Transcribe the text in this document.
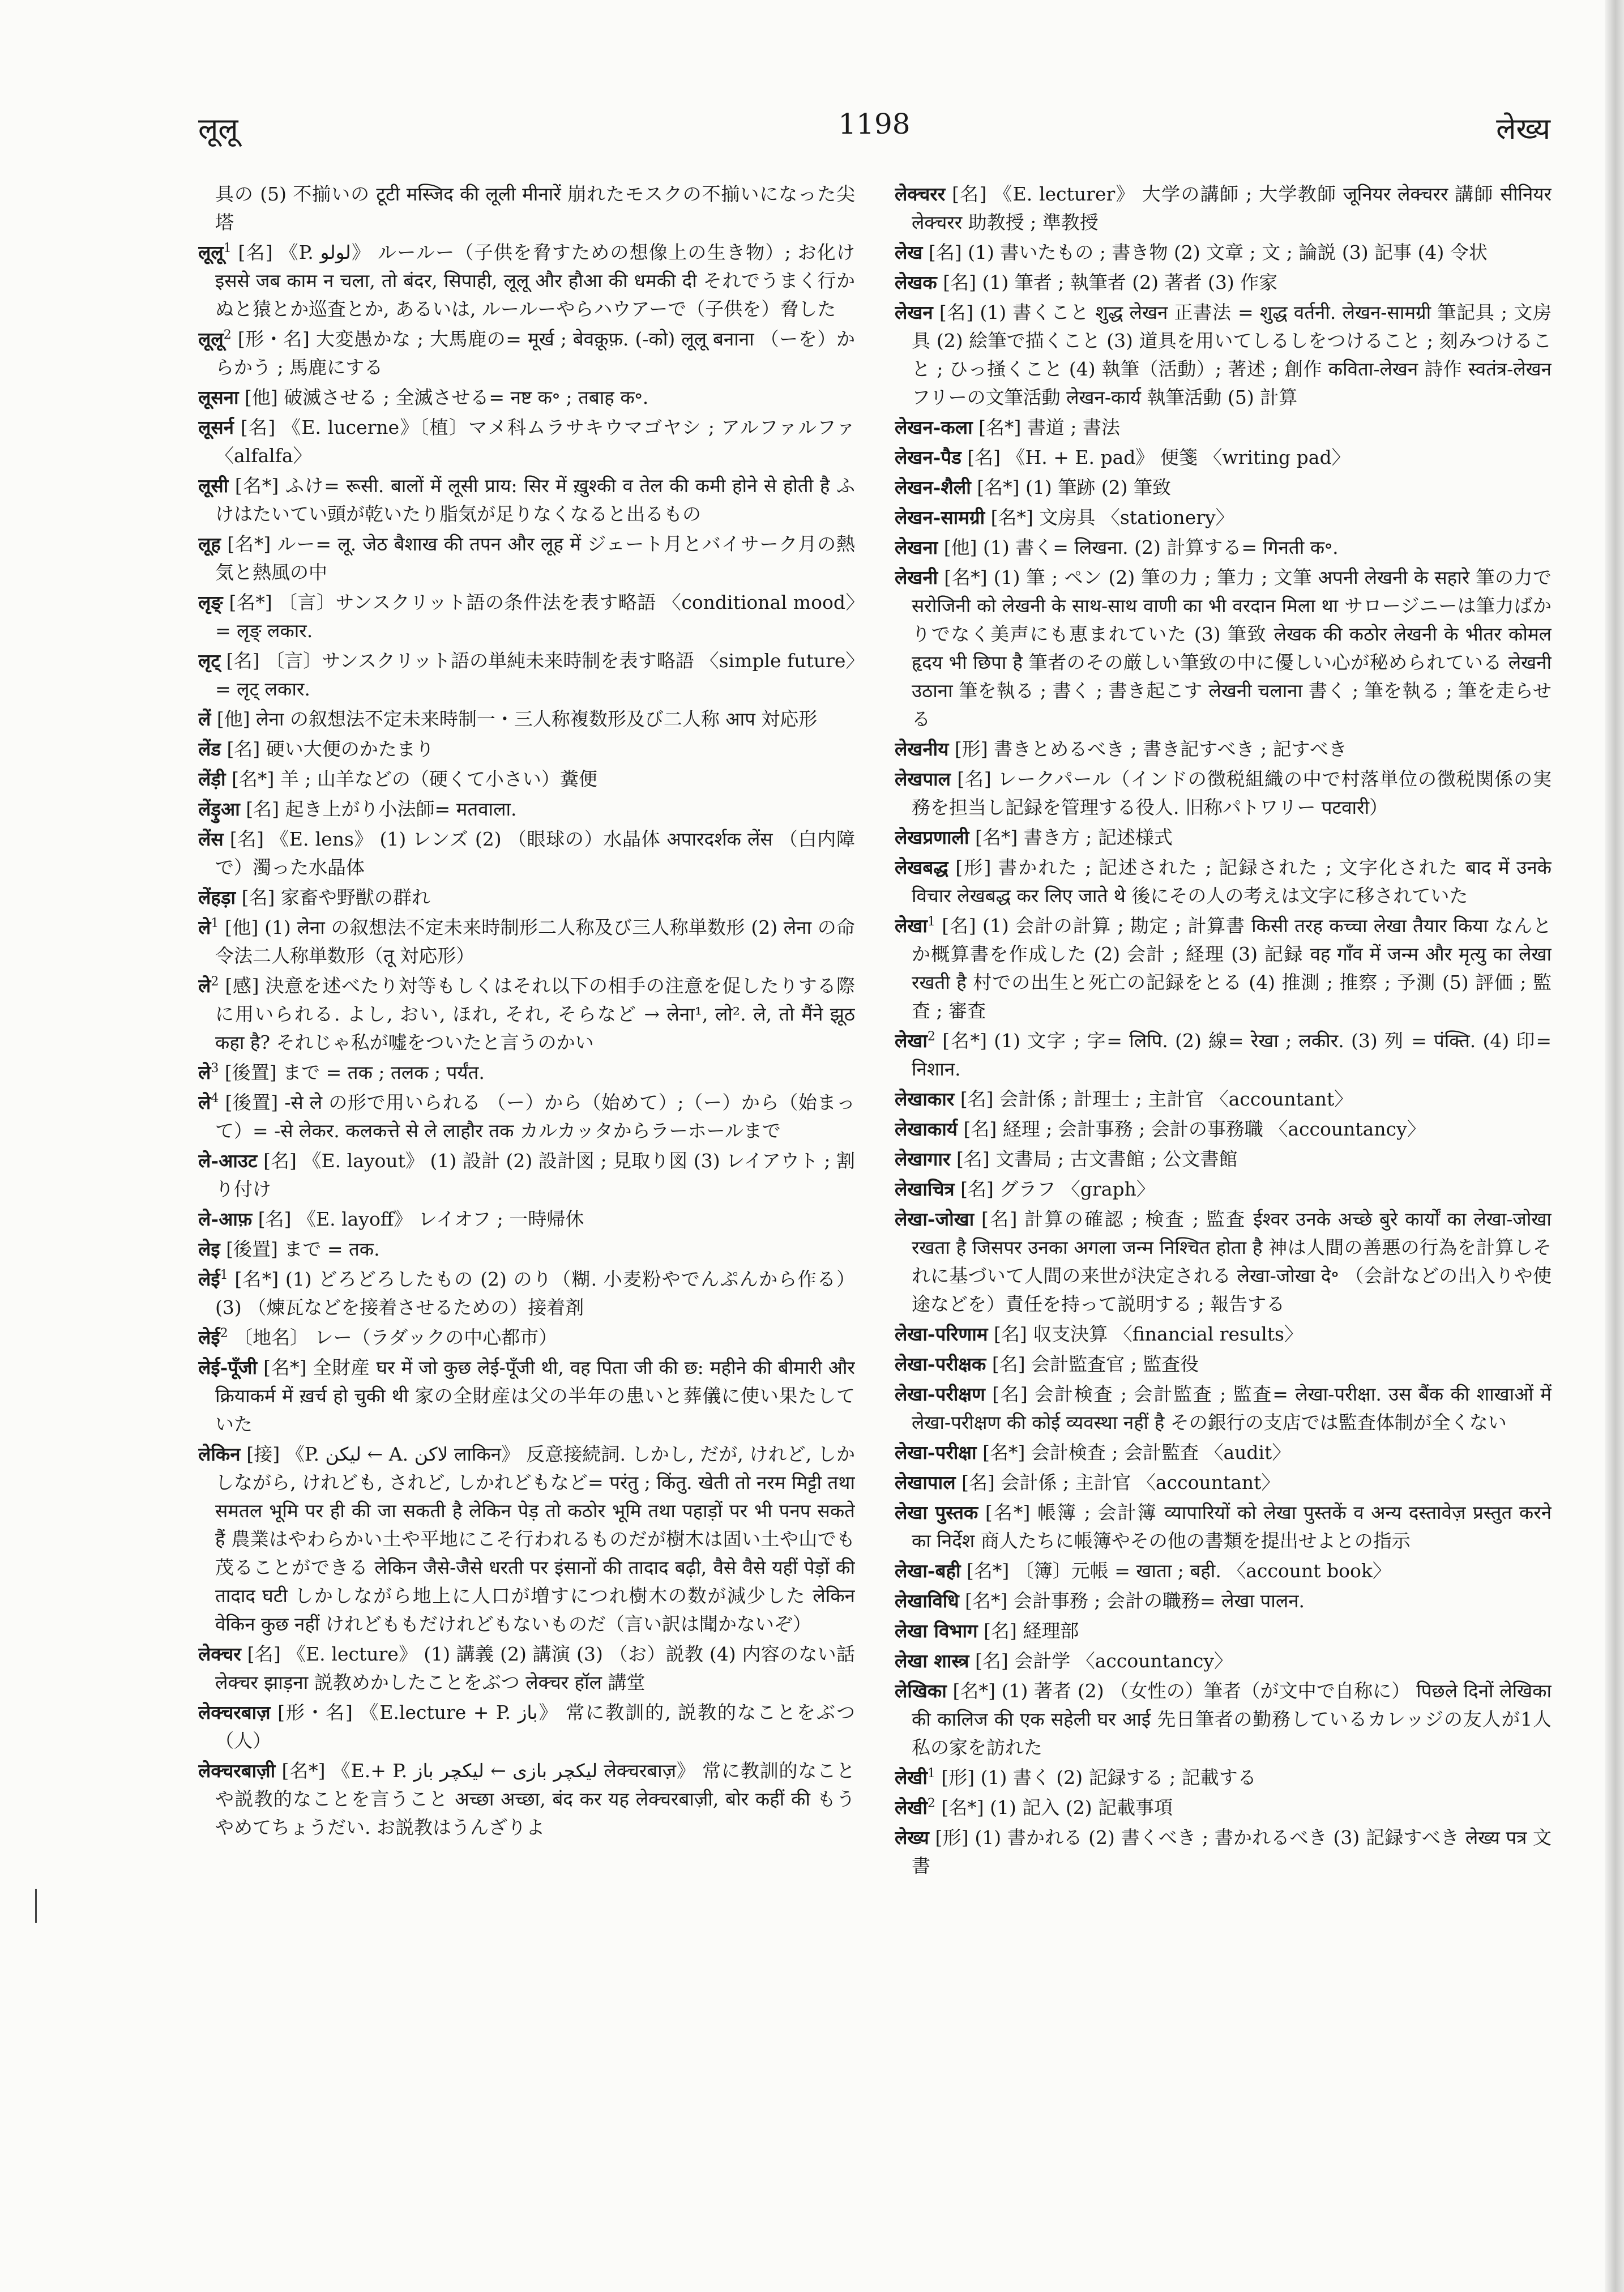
लूलू	1198	लेख्य

具の (5) 不揃いの टूटी मस्जिद की लूली मीनारें 崩れたモスクの不揃いになった尖塔

लूलू$^1$ [名] 《P. لولو》 ルールー（子供を脅すための想像上の生き物）; お化け इससे जब काम न चला, तो बंदर, सिपाही, लूलू और हौआ की धमकी दी それでうまく行かぬと猿とか巡査とか, あるいは, ルールーやらハウアーで（子供を）脅した

लूलू$^2$ [形・名] 大変愚かな ; 大馬鹿の= मूर्ख ; बेवक़ूफ़. (-को) लूलू बनाना （ーを）からかう ; 馬鹿にする

लूसना [他] 破滅させる ; 全滅させる= नष्ट क॰ ; तबाह क॰.

लूसर्न [名] 《E. lucerne》〔植〕マメ科ムラサキウマゴヤシ ; アルファルファ 〈alfalfa〉

लूसी [名*] ふけ= रूसी. बालों में लूसी प्राय: सिर में ख़ुश्की व तेल की कमी होने से होती है ふけはたいてい頭が乾いたり脂気が足りなくなると出るもの

लूह [名*] ルー= लू. जेठ बैशाख की तपन और लूह में ジェート月とバイサーク月の熱気と熱風の中

लृङ् [名*] 〔言〕サンスクリット語の条件法を表す略語 〈conditional mood〉= लृङ् लकार.

लृट् [名] 〔言〕サンスクリット語の単純未来時制を表す略語 〈simple future〉= लृट् लकार.

लें [他] लेना の叙想法不定未来時制一・三人称複数形及び二人称 आप 対応形

लेंड [名] 硬い大便のかたまり

लेंड़ी [名*] 羊 ; 山羊などの（硬くて小さい）糞便

लेंड़ुआ [名] 起き上がり小法師= मतवाला.

लेंस [名] 《E. lens》 (1) レンズ (2) （眼球の）水晶体 अपारदर्शक लेंस （白内障で）濁った水晶体

लेंहड़ा [名] 家畜や野獣の群れ

ले$^1$ [他] (1) लेना の叙想法不定未来時制形二人称及び三人称単数形 (2) लेना の命令法二人称単数形（तू 対応形）

ले$^2$ [感] 決意を述べたり対等もしくはそれ以下の相手の注意を促したりする際に用いられる. よし, おい, ほれ, それ, そらなど → लेना¹, लो². ले, तो मैंने झूठ कहा है? それじゃ私が嘘をついたと言うのかい

ले$^3$ [後置] まで = तक ; तलक ; पर्यंत.

ले$^4$ [後置] -से ले の形で用いられる （ー）から（始めて）;（ー）から（始まって）= -से लेकर. कलकत्ते से ले लाहौर तक カルカッタからラーホールまで

ले-आउट [名] 《E. layout》 (1) 設計 (2) 設計図 ; 見取り図 (3) レイアウト ; 割り付け

ले-आफ़ [名] 《E. layoff》 レイオフ ; 一時帰休

लेइ [後置] まで = तक.

लेई$^1$ [名*] (1) どろどろしたもの (2) のり（糊. 小麦粉やでんぷんから作る） (3) （煉瓦などを接着させるための）接着剤

लेई$^2$ 〔地名〕 レー（ラダックの中心都市）

लेई-पूँजी [名*] 全財産 घर में जो कुछ लेई-पूँजी थी, वह पिता जी की छ: महीने की बीमारी और क्रियाकर्म में ख़र्च हो चुकी थी 家の全財産は父の半年の患いと葬儀に使い果たしていた

लेकिन [接] 《P. لیکن ← A. لاکن लाकिन》 反意接続詞. しかし, だが, けれど, しかしながら, けれども, されど, しかれどもなど= परंतु ; किंतु. खेती तो नरम मिट्टी तथा समतल भूमि पर ही की जा सकती है लेकिन पेड़ तो कठोर भूमि तथा पहाड़ों पर भी पनप सकते हैं 農業はやわらかい土や平地にこそ行われるものだが樹木は固い土や山でも茂ることができる लेकिन जैसे-जैसे धरती पर इंसानों की तादाद बढ़ी, वैसे वैसे यहीं पेड़ों की तादाद घटी しかしながら地上に人口が増すにつれ樹木の数が減少した लेकिन वेकिन कुछ नहीं けれどももだけれどもないものだ（言い訳は聞かないぞ）

लेक्चर [名] 《E. lecture》 (1) 講義 (2) 講演 (3) （お）説教 (4) 内容のない話 लेक्चर झाड़ना 説教めかしたことをぶつ लेक्चर हॉल 講堂

लेक्चरबाज़ [形・名] 《E.lecture + P. باز》 常に教訓的, 説教的なことをぶつ（人）

लेक्चरबाज़ी [名*] 《E.+ P. لیکچر بازی ← لیکچر باز लेक्चरबाज़》 常に教訓的なことや説教的なことを言うこと अच्छा अच्छा, बंद कर यह लेक्चरबाज़ी, बोर कहीं की もうやめてちょうだい. お説教はうんざりよ

लेक्चरर [名] 《E. lecturer》 大学の講師 ; 大学教師 जूनियर लेक्चरर 講師 सीनियर लेक्चरर 助教授 ; 準教授

लेख [名] (1) 書いたもの ; 書き物 (2) 文章 ; 文 ; 論説 (3) 記事 (4) 令状

लेखक [名] (1) 筆者 ; 執筆者 (2) 著者 (3) 作家

लेखन [名] (1) 書くこと शुद्ध लेखन 正書法 = शुद्ध वर्तनी. लेखन-सामग्री 筆記具 ; 文房具 (2) 絵筆で描くこと (3) 道具を用いてしるしをつけること ; 刻みつけること ; ひっ掻くこと (4) 執筆（活動）; 著述 ; 創作 कविता-लेखन 詩作 स्वतंत्र-लेखन フリーの文筆活動 लेखन-कार्य 執筆活動 (5) 計算

लेखन-कला [名*] 書道 ; 書法

लेखन-पैड [名] 《H. + E. pad》 便箋 〈writing pad〉

लेखन-शैली [名*] (1) 筆跡 (2) 筆致

लेखन-सामग्री [名*] 文房具 〈stationery〉

लेखना [他] (1) 書く= लिखना. (2) 計算する= गिनती क॰.

लेखनी [名*] (1) 筆 ; ペン (2) 筆の力 ; 筆力 ; 文筆 अपनी लेखनी के सहारे 筆の力で सरोजिनी को लेखनी के साथ-साथ वाणी का भी वरदान मिला था サロージニーは筆力ばかりでなく美声にも恵まれていた (3) 筆致 लेखक की कठोर लेखनी के भीतर कोमल हृदय भी छिपा है 筆者のその厳しい筆致の中に優しい心が秘められている लेखनी उठाना 筆を執る ; 書く ; 書き起こす लेखनी चलाना 書く ; 筆を執る ; 筆を走らせる

लेखनीय [形] 書きとめるべき ; 書き記すべき ; 記すべき

लेखपाल [名] レークパール（インドの徴税組織の中で村落単位の徴税関係の実務を担当し記録を管理する役人. 旧称パトワリー पटवारी）

लेखप्रणाली [名*] 書き方 ; 記述様式

लेखबद्ध [形] 書かれた ; 記述された ; 記録された ; 文字化された बाद में उनके विचार लेखबद्ध कर लिए जाते थे 後にその人の考えは文字に移されていた

लेखा$^1$ [名] (1) 会計の計算 ; 勘定 ; 計算書 किसी तरह कच्चा लेखा तैयार किया なんとか概算書を作成した (2) 会計 ; 経理 (3) 記録 वह गाँव में जन्म और मृत्यु का लेखा रखती है 村での出生と死亡の記録をとる (4) 推測 ; 推察 ; 予測 (5) 評価 ; 監査 ; 審査

लेखा$^2$ [名*] (1) 文字 ; 字= लिपि. (2) 線= रेखा ; लकीर. (3) 列 = पंक्ति. (4) 印= निशान.

लेखाकार [名] 会計係 ; 計理士 ; 主計官 〈accountant〉

लेखाकार्य [名] 経理 ; 会計事務 ; 会計の事務職 〈accountancy〉

लेखागार [名] 文書局 ; 古文書館 ; 公文書館

लेखाचित्र [名] グラフ 〈graph〉

लेखा-जोखा [名] 計算の確認 ; 検査 ; 監査 ईश्वर उनके अच्छे बुरे कार्यों का लेखा-जोखा रखता है जिसपर उनका अगला जन्म निश्चित होता है 神は人間の善悪の行為を計算しそれに基づいて人間の来世が決定される लेखा-जोखा दे॰ （会計などの出入りや使途などを）責任を持って説明する ; 報告する

लेखा-परिणाम [名] 収支決算 〈financial results〉

लेखा-परीक्षक [名] 会計監査官 ; 監査役

लेखा-परीक्षण [名] 会計検査 ; 会計監査 ; 監査= लेखा-परीक्षा. उस बैंक की शाखाओं में लेखा-परीक्षण की कोई व्यवस्था नहीं है その銀行の支店では監査体制が全くない

लेखा-परीक्षा [名*] 会計検査 ; 会計監査 〈audit〉

लेखापाल [名] 会計係 ; 主計官 〈accountant〉

लेखा पुस्तक [名*] 帳簿 ; 会計簿 व्यापारियों को लेखा पुस्तकें व अन्य दस्तावेज़ प्रस्तुत करने का निर्देश 商人たちに帳簿やその他の書類を提出せよとの指示

लेखा-बही [名*] 〔簿〕元帳 = खाता ; बही. 〈account book〉

लेखाविधि [名*] 会計事務 ; 会計の職務= लेखा पालन.

लेखा विभाग [名] 経理部

लेखा शास्त्र [名] 会計学 〈accountancy〉

लेखिका [名*] (1) 著者 (2) （女性の）筆者（が文中で自称に） पिछले दिनों लेखिका की कालिज की एक सहेली घर आई 先日筆者の勤務しているカレッジの友人が1人私の家を訪れた

लेखी$^1$ [形] (1) 書く (2) 記録する ; 記載する

लेखी$^2$ [名*] (1) 記入 (2) 記載事項

लेख्य [形] (1) 書かれる (2) 書くべき ; 書かれるべき (3) 記録すべき लेख्य पत्र 文書
